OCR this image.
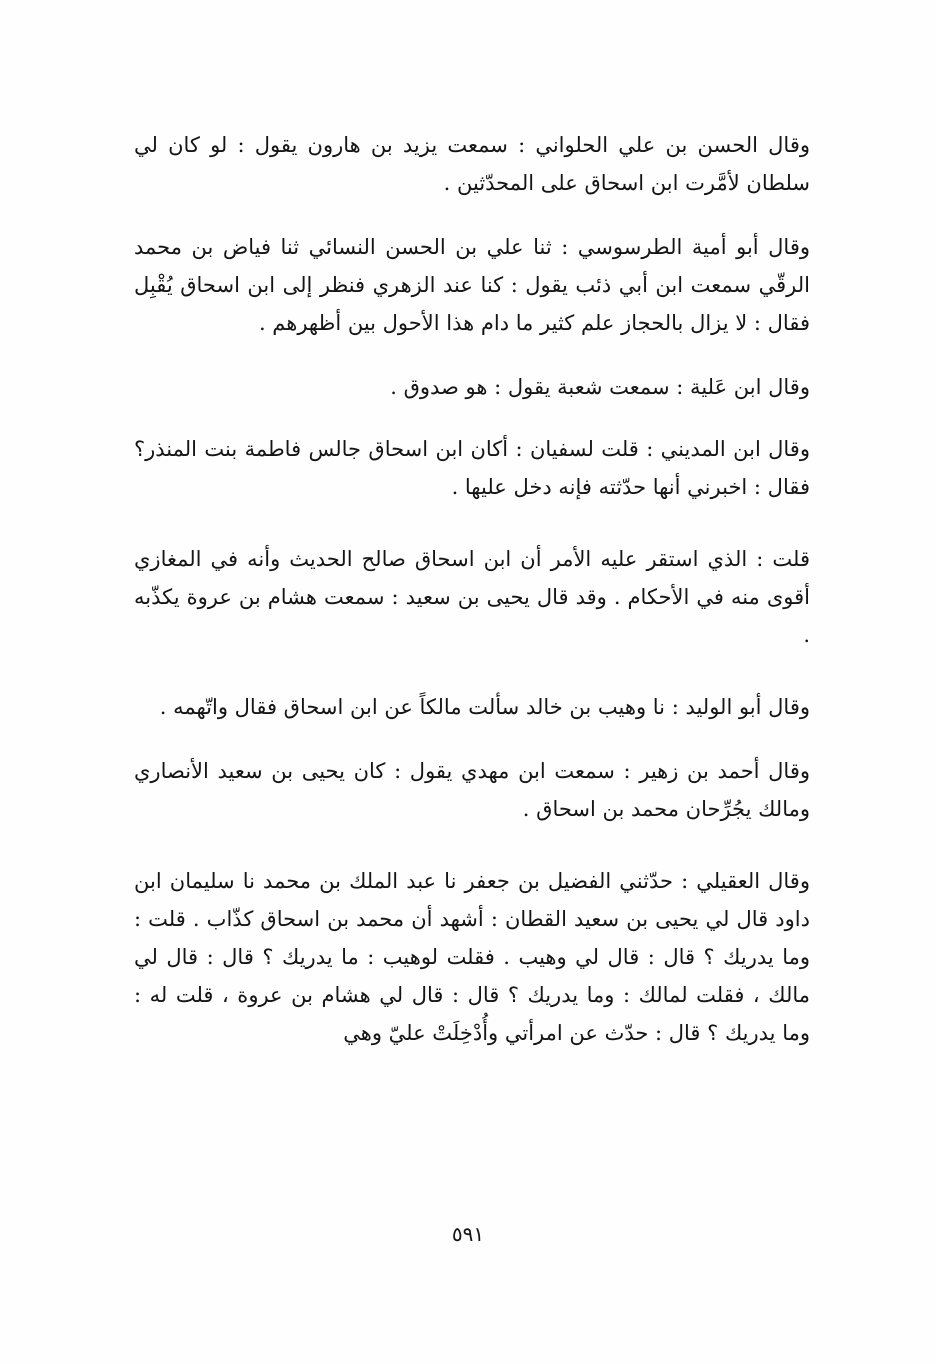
وقال الحسن بن علي الحلواني : سمعت يزيد بن هارون يقول : لو كان لي سلطان لأمَّرت ابن اسحاق على المحدّثين .

وقال أبو أمية الطرسوسي : ثنا علي بن الحسن النسائي ثنا فياض بن محمد الرقّي سمعت ابن أبي ذئب يقول : كنا عند الزهري فنظر إلى ابن اسحاق يُقْبِل فقال : لا يزال بالحجاز علم كثير ما دام هذا الأحول بين أظهرهم .

وقال ابن عَلية : سمعت شعبة يقول : هو صدوق .

وقال ابن المديني : قلت لسفيان : أكان ابن اسحاق جالس فاطمة بنت المنذر؟ فقال : اخبرني أنها حدّثته فإنه دخل عليها .

قلت : الذي استقر عليه الأمر أن ابن اسحاق صالح الحديث وأنه في المغازي أقوى منه في الأحكام . وقد قال يحيى بن سعيد : سمعت هشام بن عروة يكذّبه .

وقال أبو الوليد : نا وهيب بن خالد سألت مالكاً عن ابن اسحاق فقال واتّهمه .

وقال أحمد بن زهير : سمعت ابن مهدي يقول : كان يحيى بن سعيد الأنصاري ومالك يجُرِّحان محمد بن اسحاق .

وقال العقيلي : حدّثني الفضيل بن جعفر نا عبد الملك بن محمد نا سليمان ابن داود قال لي يحيى بن سعيد القطان : أشهد أن محمد بن اسحاق كذّاب . قلت : وما يدريك ؟ قال : قال لي وهيب . فقلت لوهيب : ما يدريك ؟ قال : قال لي مالك ، فقلت لمالك : وما يدريك ؟ قال : قال لي هشام بن عروة ، قلت له : وما يدريك ؟ قال : حدّث عن امرأتي وأُدْخِلَتْ عليّ وهي

٥٩١
